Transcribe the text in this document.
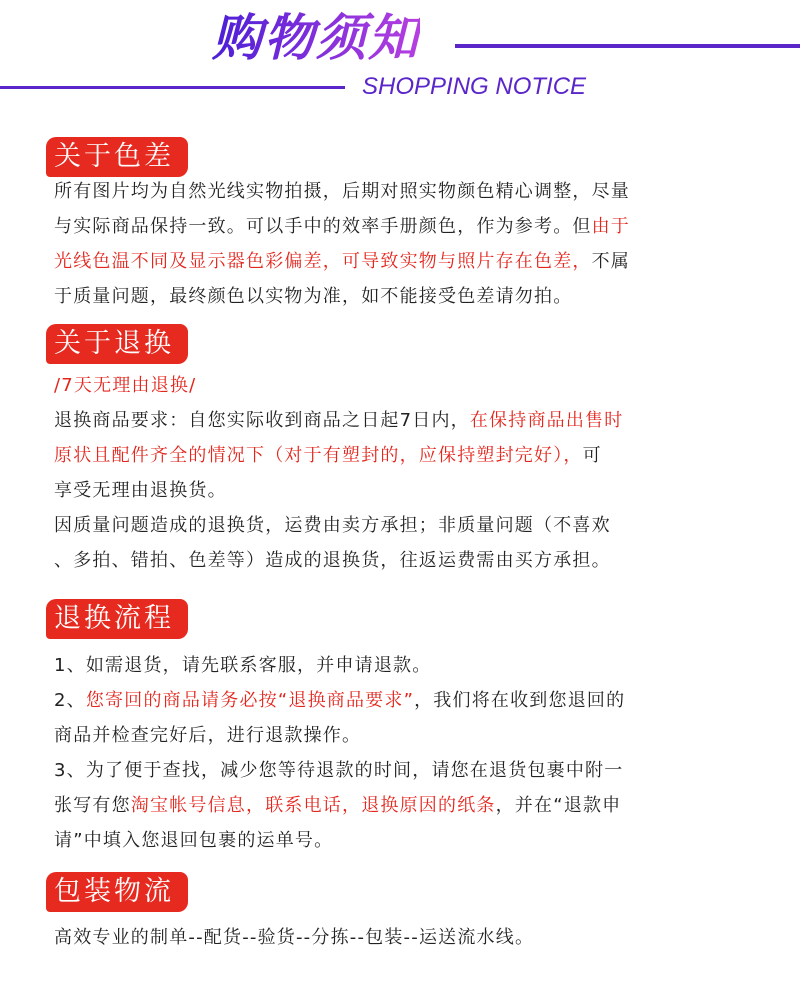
购物须知
SHOPPING NOTICE
关于色差

所有图片均为自然光线实物拍摄，后期对照实物颜色精心调整，尽量
与实际商品保持一致。可以手中的效率手册颜色，作为参考。但由于
光线色温不同及显示器色彩偏差，可导致实物与照片存在色差，不属
于质量问题，最终颜色以实物为准，如不能接受色差请勿拍。

关于退换

/7天无理由退换/
退换商品要求：自您实际收到商品之日起7日内，在保持商品出售时
原状且配件齐全的情况下（对于有塑封的，应保持塑封完好），可
享受无理由退换货。
因质量问题造成的退换货，运费由卖方承担；非质量问题（不喜欢
、多拍、错拍、色差等）造成的退换货，往返运费需由买方承担。

退换流程

1、如需退货，请先联系客服，并申请退款。
2、您寄回的商品请务必按“退换商品要求”，我们将在收到您退回的
商品并检查完好后，进行退款操作。
3、为了便于查找，减少您等待退款的时间，请您在退货包裹中附一
张写有您淘宝帐号信息，联系电话，退换原因的纸条，并在“退款申
请”中填入您退回包裹的运单号。

包装物流

高效专业的制单--配货--验货--分拣--包装--运送流水线。
